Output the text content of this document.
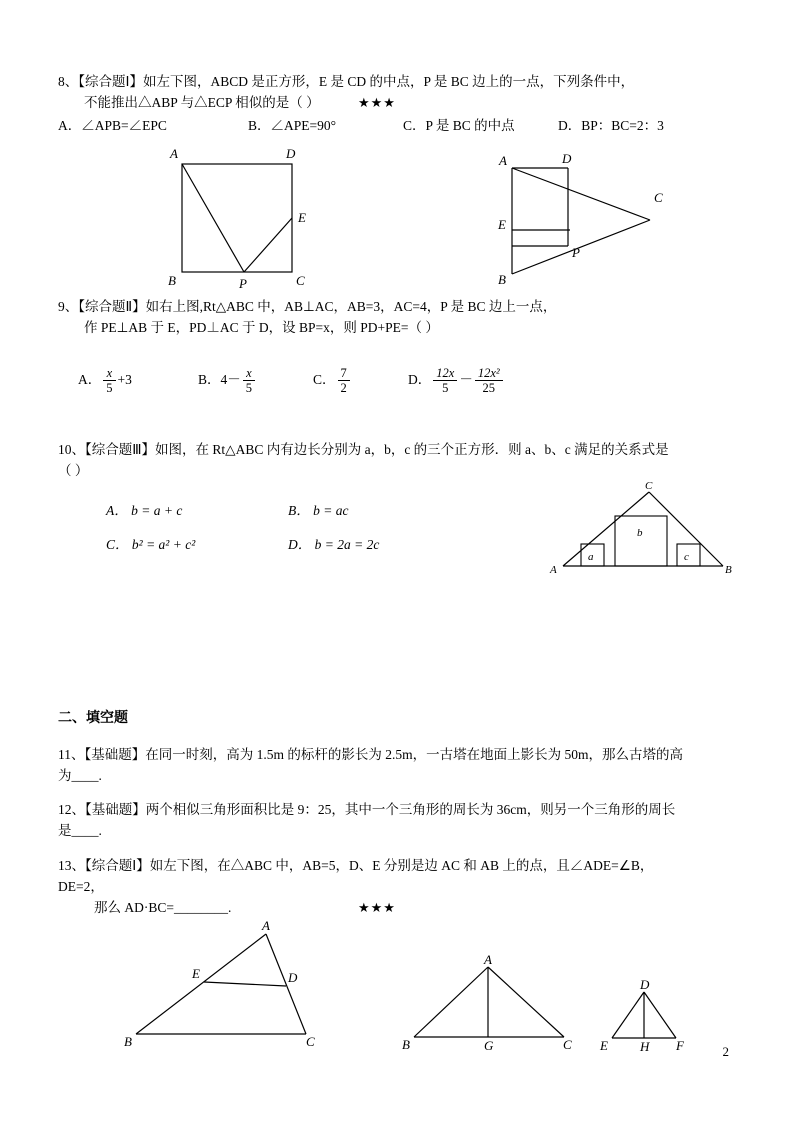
8、【综合题Ⅰ】如左下图，ABCD 是正方形，E 是 CD 的中点，P 是 BC 边上的一点，下列条件中，
不能推出△ABP 与△ECP 相似的是（ ）	★★★
A．∠APB=∠EPC	B．∠APE=90°	C．P 是 BC 的中点	D．BP：BC=2：3
A	D
E
B	P	C
A	D
C
E
P
B
9、【综合题Ⅱ】如右上图,Rt△ABC 中，AB⊥AC，AB=3，AC=4，P 是 BC 边上一点，
作 PE⊥AB 于 E，PD⊥AC 于 D，设 BP=x，则 PD+PE=（ ）
A． $\frac{x}{5} +3$	B．$4- \frac{x}{5}$	C． $\frac{7}{2}$	D． $\frac{12x}{5} - \frac{\text{12x²}}{25}$
10、【综合题Ⅲ】如图，在 Rt△ABC 内有边长分别为 a，b，c 的三个正方形．则 a、b、c 满足的关系式是
（ ）
A． b = a + c	B． b = ac
C． b² = a² + c²	D． b = 2a = 2c
C
b
a	c
A	B
二、填空题
11、【基础题】在同一时刻，高为 1.5m 的标杆的影长为 2.5m，一古塔在地面上影长为 50m，那么古塔的高
为____.
12、【基础题】两个相似三角形面积比是 9：25，其中一个三角形的周长为 36cm，则另一个三角形的周长
是____.
13、【综合题Ⅰ】如左下图，在△ABC 中，AB=5，D、E 分别是边 AC 和 AB 上的点，且∠ADE=∠B，
DE=2，
那么 AD·BC=________.	★★★
A
E	D
B	C
A
B	G	C
D
E H F	2
